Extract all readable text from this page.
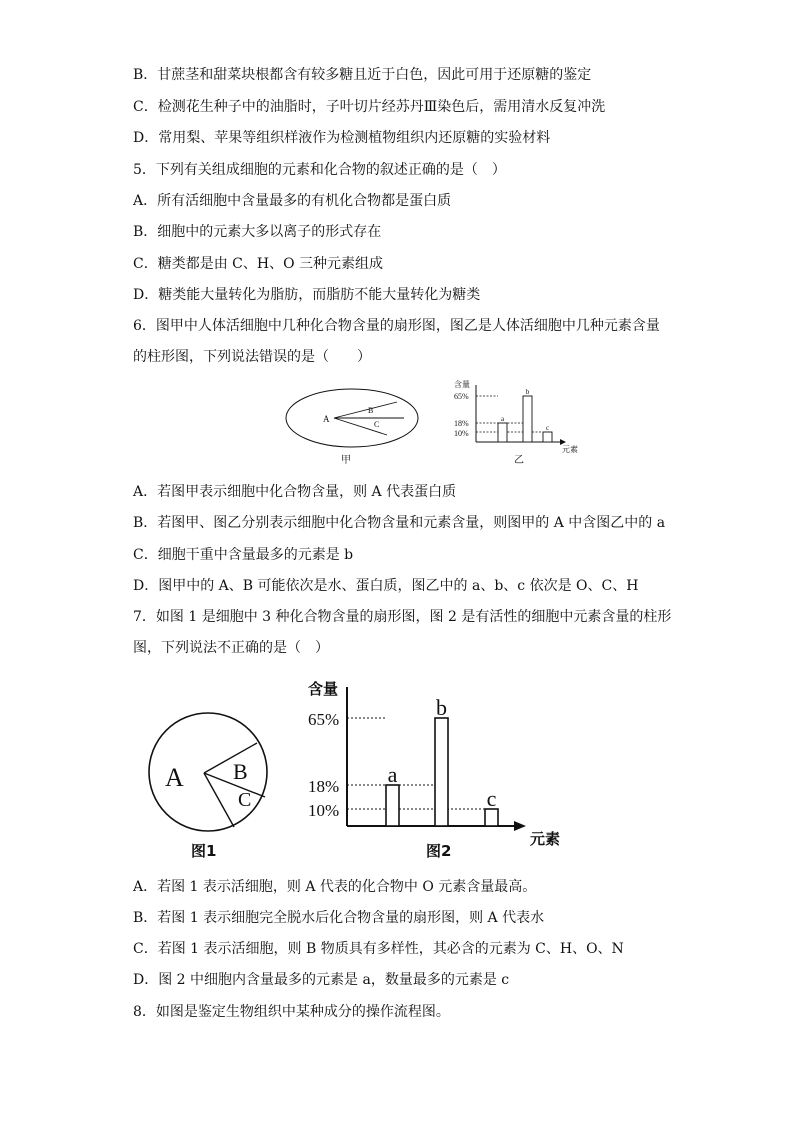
B．甘蔗茎和甜菜块根都含有较多糖且近于白色，因此可用于还原糖的鉴定
C．检测花生种子中的油脂时，子叶切片经苏丹Ⅲ染色后，需用清水反复冲洗
D．常用梨、苹果等组织样液作为检测植物组织内还原糖的实验材料
5．下列有关组成细胞的元素和化合物的叙述正确的是（　）
A．所有活细胞中含量最多的有机化合物都是蛋白质
B．细胞中的元素大多以离子的形式存在
C．糖类都是由 C、H、O 三种元素组成
D．糖类能大量转化为脂肪，而脂肪不能大量转化为糖类
6．图甲中人体活细胞中几种化合物含量的扇形图，图乙是人体活细胞中几种元素含量
的柱形图，下列说法错误的是（　　）
A
B
C
甲
含量
65%
18%
10%
a
b
c
元素
乙
A．若图甲表示细胞中化合物含量，则 A 代表蛋白质
B．若图甲、图乙分别表示细胞中化合物含量和元素含量，则图甲的 A 中含图乙中的 a
C．细胞干重中含量最多的元素是 b
D．图甲中的 A、B 可能依次是水、蛋白质，图乙中的 a、b、c 依次是 O、C、H
7．如图 1 是细胞中 3 种化合物含量的扇形图，图 2 是有活性的细胞中元素含量的柱形
图，下列说法不正确的是（　）
A B
C
图1
含量
65%
18%
10%
a
b
c
元素
图2
A．若图 1 表示活细胞，则 A 代表的化合物中 O 元素含量最高。
B．若图 1 表示细胞完全脱水后化合物含量的扇形图，则 A 代表水
C．若图 1 表示活细胞，则 B 物质具有多样性，其必含的元素为 C、H、O、N
D．图 2 中细胞内含量最多的元素是 a，数量最多的元素是 c
8．如图是鉴定生物组织中某种成分的操作流程图。
